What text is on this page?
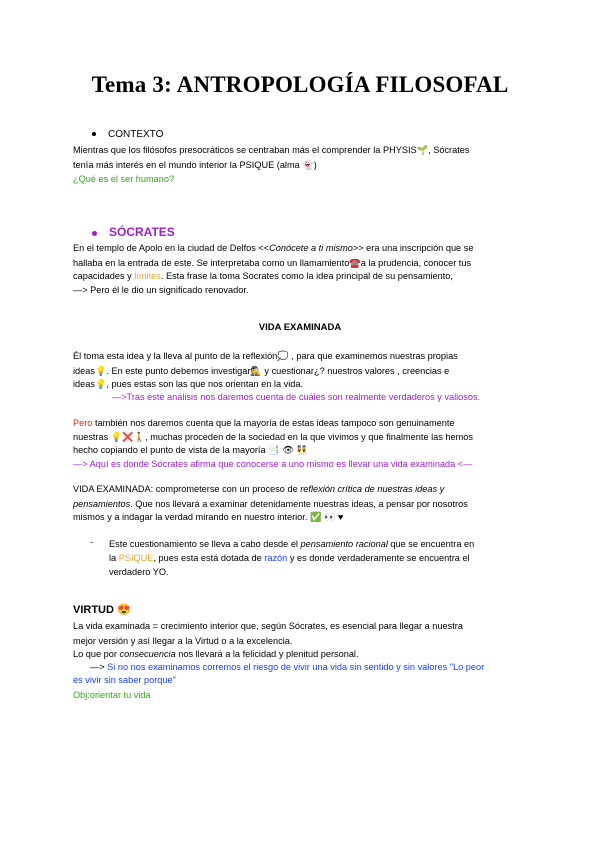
Tema 3: ANTROPOLOGÍA FILOSOFAL
CONTEXTO
Mientras que los filósofos presocráticos se centraban más el comprender la PHYSIS🌱, Sócrates
tenía más interés en el mundo interior la PSIQUE (alma 👻)
¿Qué es el ser humano?
SÓCRATES
En el templo de Apolo en la ciudad de Delfos <<Conócete a ti mismo>> era una inscripción que se
hallaba en la entrada de este. Se interpretaba como un llamamiento☎️a la prudencia, conocer tus
capacidades y límites. Esta frase la toma Socrates como la idea principal de su pensamiento,
—> Pero él le dio un significado renovador.
VIDA EXAMINADA
Él toma esta idea y la lleva al punto de la reflexión💭 , para que examinemos nuestras propias
ideas💡. En este punto debemos investigar🕵️ y cuestionar¿? nuestros valores , creencias e
ideas💡, pues estas son las que nos orientan en la vida.
—>Tras este análisis nos daremos cuenta de cuáles son realmente verdaderos y valiosos.
Pero también nos daremos cuenta que la mayoría de estas ideas tampoco son genuinamente
nuestras 💡❌🚶, muchas proceden de la sociedad en la que vivimos y que finalmente las hemos
hecho copiando el punto de vista de la mayoría 📑 👁 👯
—> Aquí es donde Sócrates afirma que conocerse a uno mismo es llevar una vida examinada <—
VIDA EXAMINADA: comprometerse con un proceso de reflexión crítica de nuestras ideas y
pensamientos. Que nos llevará a examinar detenidamente nuestras ideas, a pensar por nosotros
mismos y a indagar la verdad mirando en nuestro interior. ✅ 👀 ♥
- Este cuestionamiento se lleva a cabo desde el pensamiento racional que se encuentra en
la PSIQUE, pues esta está dotada de razón y es donde verdaderamente se encuentra el
verdadero YO.
VIRTUD 😍
La vida examinada = crecimiento interior que, según Sócrates, es esencial para llegar a nuestra
mejor versión y así llegar a la Virtud o a la excelencia.
Lo que por consecuencia nos llevará a la felicidad y plenitud personal.
—> Si no nos examinamos corremos el riesgo de vivir una vida sin sentido y sin valores "Lo peor
es vivir sin saber porque"
Obj:orientar tu vida
